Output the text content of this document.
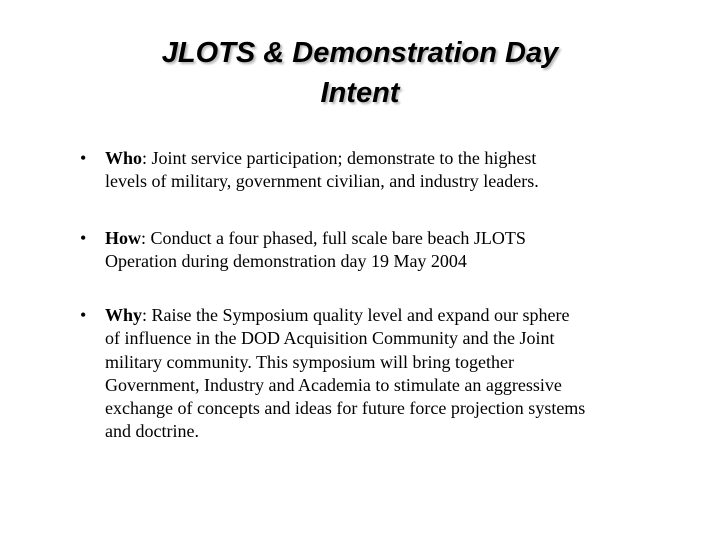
JLOTS & Demonstration Day
Intent
• Who: Joint service participation; demonstrate to the highest
levels of military, government civilian, and industry leaders.
• How: Conduct a four phased, full scale bare beach JLOTS
Operation during demonstration day 19 May 2004
• Why: Raise the Symposium quality level and expand our sphere
of influence in the DOD Acquisition Community and the Joint
military community. This symposium will bring together
Government, Industry and Academia to stimulate an aggressive
exchange of concepts and ideas for future force projection systems
and doctrine.
